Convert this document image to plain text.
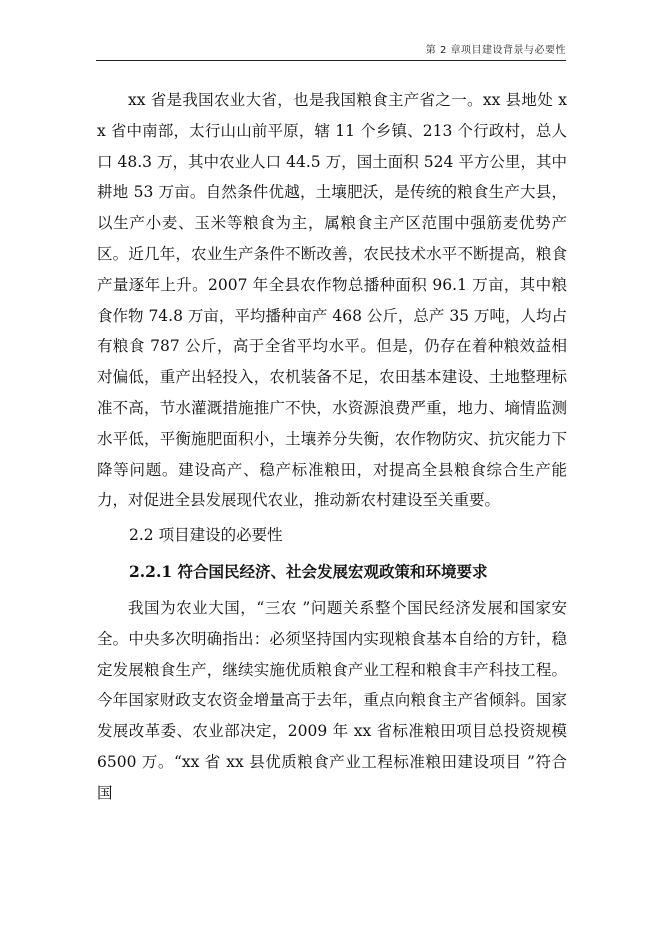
第 2 章项目建设背景与必要性

xx 省是我国农业大省，也是我国粮食主产省之一。xx 县地处 xx 省中南部，太行山山前平原，辖 11 个乡镇、213 个行政村，总人口 48.3 万，其中农业人口 44.5 万，国土面积 524 平方公里，其中耕地 53 万亩。自然条件优越，土壤肥沃，是传统的粮食生产大县，以生产小麦、玉米等粮食为主，属粮食主产区范围中强筋麦优势产区。近几年，农业生产条件不断改善，农民技术水平不断提高，粮食产量逐年上升。2007 年全县农作物总播种面积 96.1 万亩，其中粮食作物 74.8 万亩，平均播种亩产 468 公斤，总产 35 万吨，人均占有粮食 787 公斤，高于全省平均水平。但是，仍存在着种粮效益相对偏低，重产出轻投入，农机装备不足，农田基本建设、土地整理标准不高，节水灌溉措施推广不快，水资源浪费严重，地力、墒情监测水平低，平衡施肥面积小，土壤养分失衡，农作物防灾、抗灾能力下降等问题。建设高产、稳产标准粮田，对提高全县粮食综合生产能力，对促进全县发展现代农业，推动新农村建设至关重要。

2.2 项目建设的必要性
2.2.1 符合国民经济、社会发展宏观政策和环境要求

我国为农业大国，“三农 ”问题关系整个国民经济发展和国家安全。中央多次明确指出：必须坚持国内实现粮食基本自给的方针，稳定发展粮食生产，继续实施优质粮食产业工程和粮食丰产科技工程。今年国家财政支农资金增量高于去年，重点向粮食主产省倾斜。国家发展改革委、农业部决定，2009 年 xx 省标准粮田项目总投资规模 6500 万。“xx 省 xx 县优质粮食产业工程标准粮田建设项目 ”符合国
